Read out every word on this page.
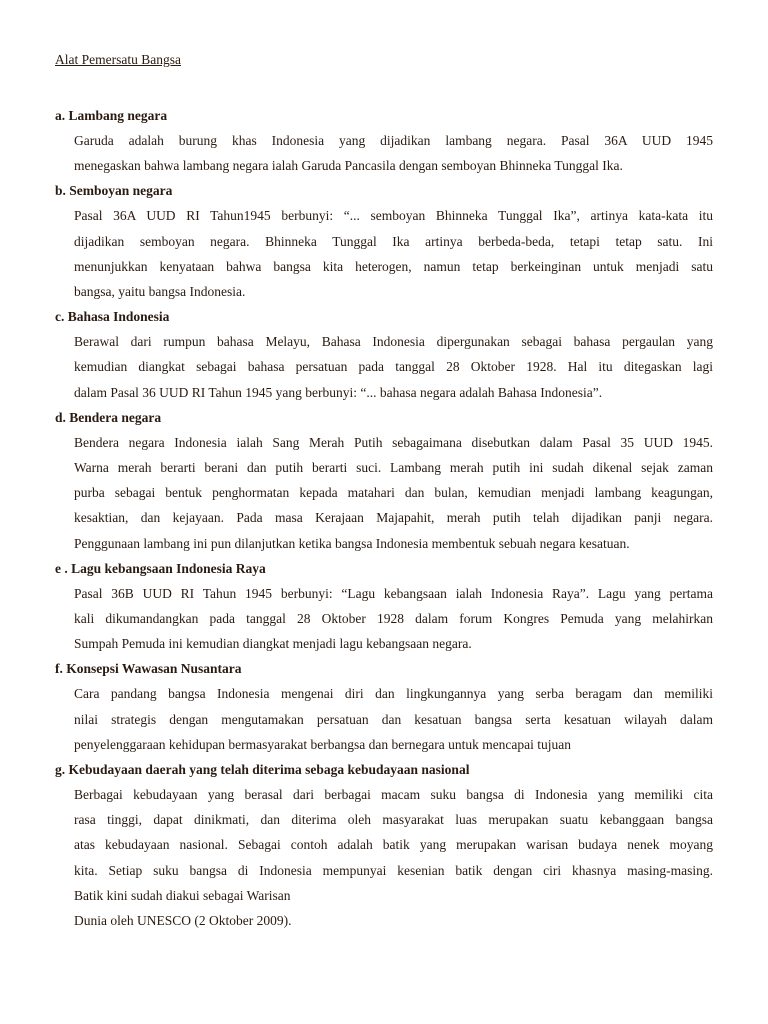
Alat Pemersatu Bangsa
a. Lambang negara
Garuda adalah burung khas Indonesia yang dijadikan lambang negara. Pasal 36A UUD 1945
menegaskan bahwa lambang negara ialah Garuda Pancasila dengan semboyan Bhinneka Tunggal Ika.
b. Semboyan negara
Pasal 36A UUD RI Tahun1945 berbunyi: “... semboyan Bhinneka Tunggal Ika”, artinya kata-kata itu
dijadikan semboyan negara. Bhinneka Tunggal Ika artinya berbeda-beda, tetapi tetap satu. Ini
menunjukkan kenyataan bahwa bangsa kita heterogen, namun tetap berkeinginan untuk menjadi satu
bangsa, yaitu bangsa Indonesia.
c. Bahasa Indonesia
Berawal dari rumpun bahasa Melayu, Bahasa Indonesia dipergunakan sebagai bahasa pergaulan yang
kemudian diangkat sebagai bahasa persatuan pada tanggal 28 Oktober 1928. Hal itu ditegaskan lagi
dalam Pasal 36 UUD RI Tahun 1945 yang berbunyi: “... bahasa negara adalah Bahasa Indonesia”.
d. Bendera negara
Bendera negara Indonesia ialah Sang Merah Putih sebagaimana disebutkan dalam Pasal 35 UUD 1945.
Warna merah berarti berani dan putih berarti suci. Lambang merah putih ini sudah dikenal sejak zaman
purba sebagai bentuk penghormatan kepada matahari dan bulan, kemudian menjadi lambang keagungan,
kesaktian, dan kejayaan. Pada masa Kerajaan Majapahit, merah putih telah dijadikan panji negara.
Penggunaan lambang ini pun dilanjutkan ketika bangsa Indonesia membentuk sebuah negara kesatuan.
e . Lagu kebangsaan Indonesia Raya
Pasal 36B UUD RI Tahun 1945 berbunyi: “Lagu kebangsaan ialah Indonesia Raya”. Lagu yang pertama
kali dikumandangkan pada tanggal 28 Oktober 1928 dalam forum Kongres Pemuda yang melahirkan
Sumpah Pemuda ini kemudian diangkat menjadi lagu kebangsaan negara.
f. Konsepsi Wawasan Nusantara
Cara pandang bangsa Indonesia mengenai diri dan lingkungannya yang serba beragam dan memiliki
nilai strategis dengan mengutamakan persatuan dan kesatuan bangsa serta kesatuan wilayah dalam
penyelenggaraan kehidupan bermasyarakat berbangsa dan bernegara untuk mencapai tujuan
g. Kebudayaan daerah yang telah diterima sebaga kebudayaan nasional
Berbagai kebudayaan yang berasal dari berbagai macam suku bangsa di Indonesia yang memiliki cita
rasa tinggi, dapat dinikmati, dan diterima oleh masyarakat luas merupakan suatu kebanggaan bangsa
atas kebudayaan nasional. Sebagai contoh adalah batik yang merupakan warisan budaya nenek moyang
kita. Setiap suku bangsa di Indonesia mempunyai kesenian batik dengan ciri khasnya masing-masing.
Batik kini sudah diakui sebagai Warisan
Dunia oleh UNESCO (2 Oktober 2009).
